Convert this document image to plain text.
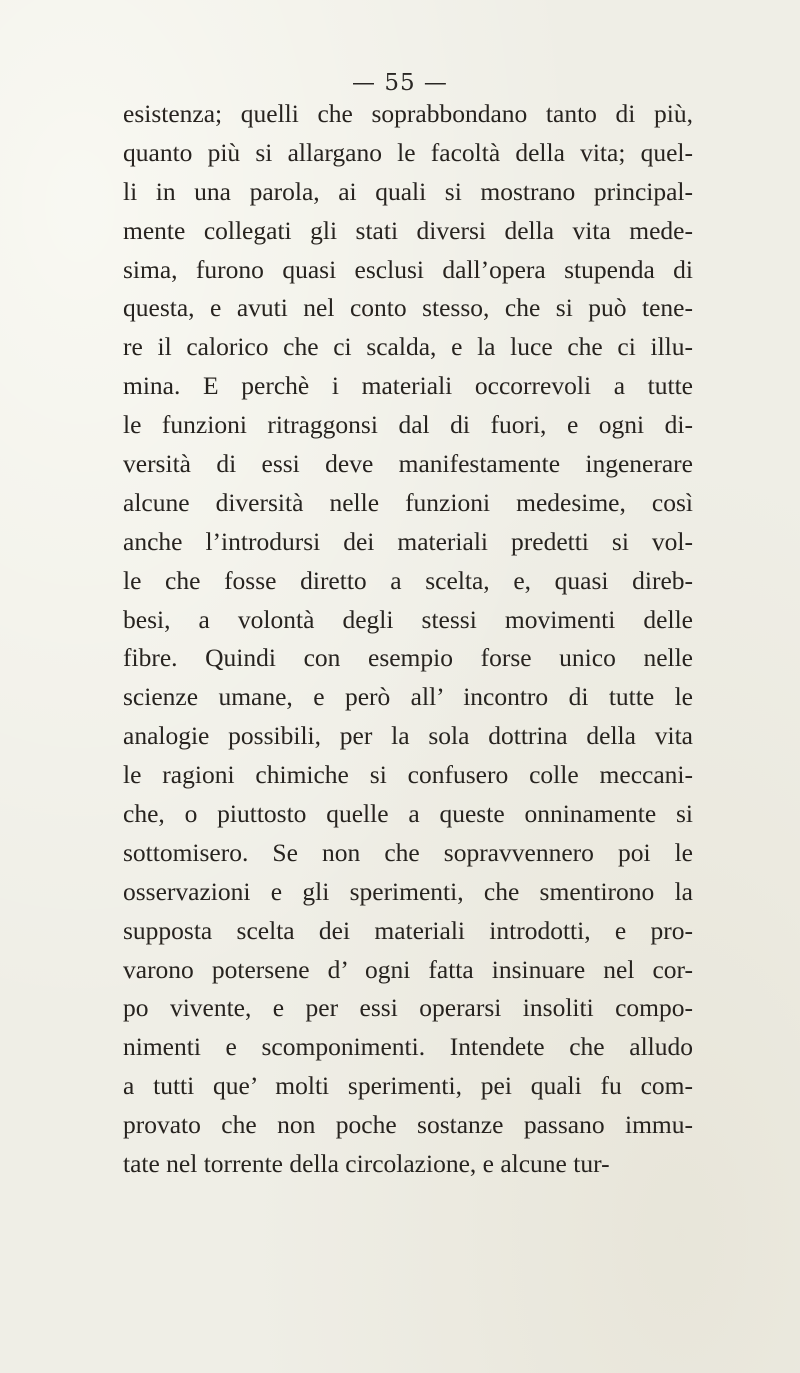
— 55 —
esistenza; quelli che soprabbondano tanto di più,
quanto più si allargano le facoltà della vita; quel-
li in una parola, ai quali si mostrano principal-
mente collegati gli stati diversi della vita mede-
sima, furono quasi esclusi dall’opera stupenda di
questa, e avuti nel conto stesso, che si può tene-
re il calorico che ci scalda, e la luce che ci illu-
mina. E perchè i materiali occorrevoli a tutte
le funzioni ritraggonsi dal di fuori, e ogni di-
versità di essi deve manifestamente ingenerare
alcune diversità nelle funzioni medesime, così
anche l’introdursi dei materiali predetti si vol-
le che fosse diretto a scelta, e, quasi direb-
besi, a volontà degli stessi movimenti delle
fibre. Quindi con esempio forse unico nelle
scienze umane, e però all’ incontro di tutte le
analogie possibili, per la sola dottrina della vita
le ragioni chimiche si confusero colle meccani-
che, o piuttosto quelle a queste onninamente si
sottomisero. Se non che sopravvennero poi le
osservazioni e gli sperimenti, che smentirono la
supposta scelta dei materiali introdotti, e pro-
varono potersene d’ ogni fatta insinuare nel cor-
po vivente, e per essi operarsi insoliti compo-
nimenti e scomponimenti. Intendete che alludo
a tutti que’ molti sperimenti, pei quali fu com-
provato che non poche sostanze passano immu-
tate nel torrente della circolazione, e alcune tur-
